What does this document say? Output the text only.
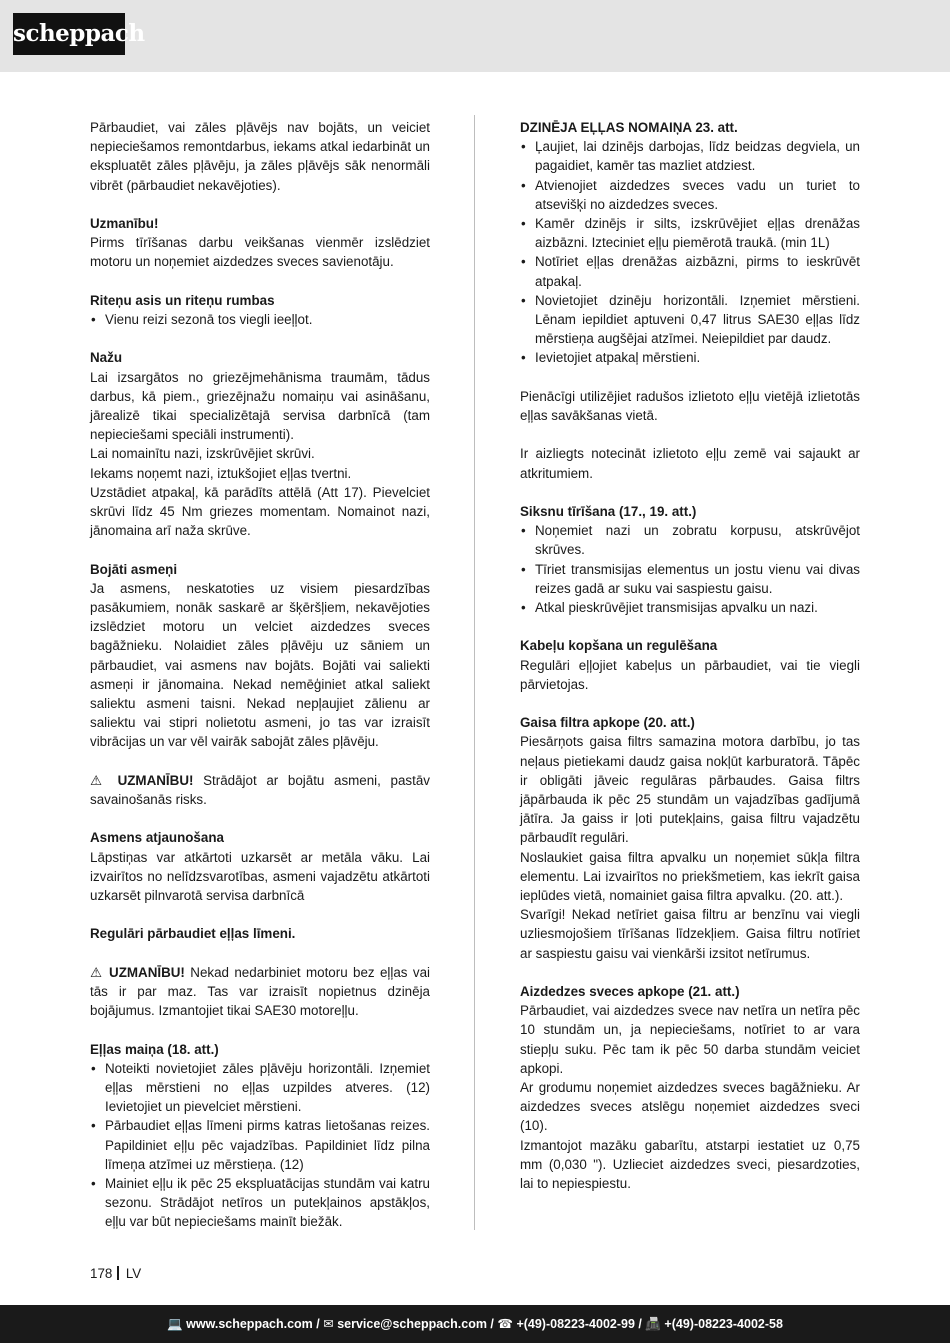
scheppach

Pārbaudiet, vai zāles pļāvējs nav bojāts, un veiciet nepieciešamos remontdarbus, iekams atkal iedarbināt un ekspluatēt zāles pļāvēju, ja zāles pļāvējs sāk nenormāli vibrēt (pārbaudiet nekavējoties).

Uzmanību!

Pirms tīrīšanas darbu veikšanas vienmēr izslēdziet motoru un noņemiet aizdedzes sveces savienotāju.

Riteņu asis un riteņu rumbas

• Vienu reizi sezonā tos viegli ieeļļot.

Nažu

Lai izsargātos no griezējmehānisma traumām, tādus darbus, kā piem., griezējnažu nomaiņu vai asināšanu, jārealizē tikai specializētajā servisa darbnīcā (tam nepieciešami speciāli instrumenti).

Lai nomainītu nazi, izskrūvējiet skrūvi.

Iekams noņemt nazi, iztukšojiet eļļas tvertni.

Uzstādiet atpakaļ, kā parādīts attēlā (Att 17). Pievelciet skrūvi līdz 45 Nm griezes momentam. Nomainot nazi, jānomaina arī naža skrūve.

Bojāti asmeņi

Ja asmens, neskatoties uz visiem piesardzības pasākumiem, nonāk saskarē ar šķēršļiem, nekavējoties izslēdziet motoru un velciet aizdedzes sveces bagāžnieku. Nolaidiet zāles pļāvēju uz sāniem un pārbaudiet, vai asmens nav bojāts. Bojāti vai saliekti asmeņi ir jānomaina. Nekad nemēģiniet atkal saliekt saliektu asmeni taisni. Nekad nepļaujiet zālienu ar saliektu vai stipri nolietotu asmeni, jo tas var izraisīt vibrācijas un var vēl vairāk sabojāt zāles pļāvēju.

⚠ UZMANĪBU! Strādājot ar bojātu asmeni, pastāv savainošanās risks.

Asmens atjaunošana

Lāpstiņas var atkārtoti uzkarsēt ar metāla vāku. Lai izvairītos no nelīdzsvarotības, asmeni vajadzētu atkārtoti uzkarsēt pilnvarotā servisa darbnīcā

Regulāri pārbaudiet eļļas līmeni.

⚠ UZMANĪBU! Nekad nedarbiniet motoru bez eļļas vai tās ir par maz. Tas var izraisīt nopietnus dzinēja bojājumus. Izmantojiet tikai SAE30 motoreļļu.

Eļļas maiņa (18. att.)

• Noteikti novietojiet zāles pļāvēju horizontāli. Izņemiet eļļas mērstieni no eļļas uzpildes atveres. (12) Ievietojiet un pievelciet mērstieni.
• Pārbaudiet eļļas līmeni pirms katras lietošanas reizes. Papildiniet eļļu pēc vajadzības. Papildiniet līdz pilna līmeņa atzīmei uz mērstieņa. (12)
• Mainiet eļļu ik pēc 25 ekspluatācijas stundām vai katru sezonu. Strādājot netīros un putekļainos apstākļos, eļļu var būt nepieciešams mainīt biežāk.

DZINĒJA EĻĻAS NOMAIŅA 23. att.

• Ļaujiet, lai dzinējs darbojas, līdz beidzas degviela, un pagaidiet, kamēr tas mazliet atdziest.
• Atvienojiet aizdedzes sveces vadu un turiet to atsevišķi no aizdedzes sveces.
• Kamēr dzinējs ir silts, izskrūvējiet eļļas drenāžas aizbāzni. Izteciniet eļļu piemērotā traukā. (min 1L)
• Notīriet eļļas drenāžas aizbāzni, pirms to ieskrūvēt atpakaļ.
• Novietojiet dzinēju horizontāli. Izņemiet mērstieni. Lēnam iepildiet aptuveni 0,47 litrus SAE30 eļļas līdz mērstieņa augšējai atzīmei. Neiepildiet par daudz.
• Ievietojiet atpakaļ mērstieni.

Pienācīgi utilizējiet radušos izlietoto eļļu vietējā izlietotās eļļas savākšanas vietā.

Ir aizliegts notecināt izlietoto eļļu zemē vai sajaukt ar atkritumiem.

Siksnu tīrīšana (17., 19. att.)

• Noņemiet nazi un zobratu korpusu, atskrūvējot skrūves.
• Tīriet transmisijas elementus un jostu vienu vai divas reizes gadā ar suku vai saspiestu gaisu.
• Atkal pieskrūvējiet transmisijas apvalku un nazi.

Kabeļu kopšana un regulēšana

Regulāri eļļojiet kabeļus un pārbaudiet, vai tie viegli pārvietojas.

Gaisa filtra apkope (20. att.)

Piesārņots gaisa filtrs samazina motora darbību, jo tas neļaus pietiekami daudz gaisa nokļūt karburatorā. Tāpēc ir obligāti jāveic regulāras pārbaudes. Gaisa filtrs jāpārbauda ik pēc 25 stundām un vajadzības gadījumā jātīra. Ja gaiss ir ļoti putekļains, gaisa filtru vajadzētu pārbaudīt regulāri.

Noslaukiet gaisa filtra apvalku un noņemiet sūkļa filtra elementu. Lai izvairītos no priekšmetiem, kas iekrīt gaisa ieplūdes vietā, nomainiet gaisa filtra apvalku. (20. att.).

Svarīgi! Nekad netīriet gaisa filtru ar benzīnu vai viegli uzliesmojošiem tīrīšanas līdzekļiem. Gaisa filtru notīriet ar saspiestu gaisu vai vienkārši izsitot netīrumus.

Aizdedzes sveces apkope (21. att.)

Pārbaudiet, vai aizdedzes svece nav netīra un netīra pēc 10 stundām un, ja nepieciešams, notīriet to ar vara stiepļu suku. Pēc tam ik pēc 50 darba stundām veiciet apkopi.

Ar grodumu noņemiet aizdedzes sveces bagāžnieku. Ar aizdedzes sveces atslēgu noņemiet aizdedzes sveci (10).

Izmantojot mazāku gabarītu, atstarpi iestatiet uz 0,75 mm (0,030 "). Uzlieciet aizdedzes sveci, piesardzoties, lai to nepiespiestu.

178 LV
💻 www.scheppach.com / ✉ service@scheppach.com / ☎ +(49)-08223-4002-99 / 📠 +(49)-08223-4002-58
